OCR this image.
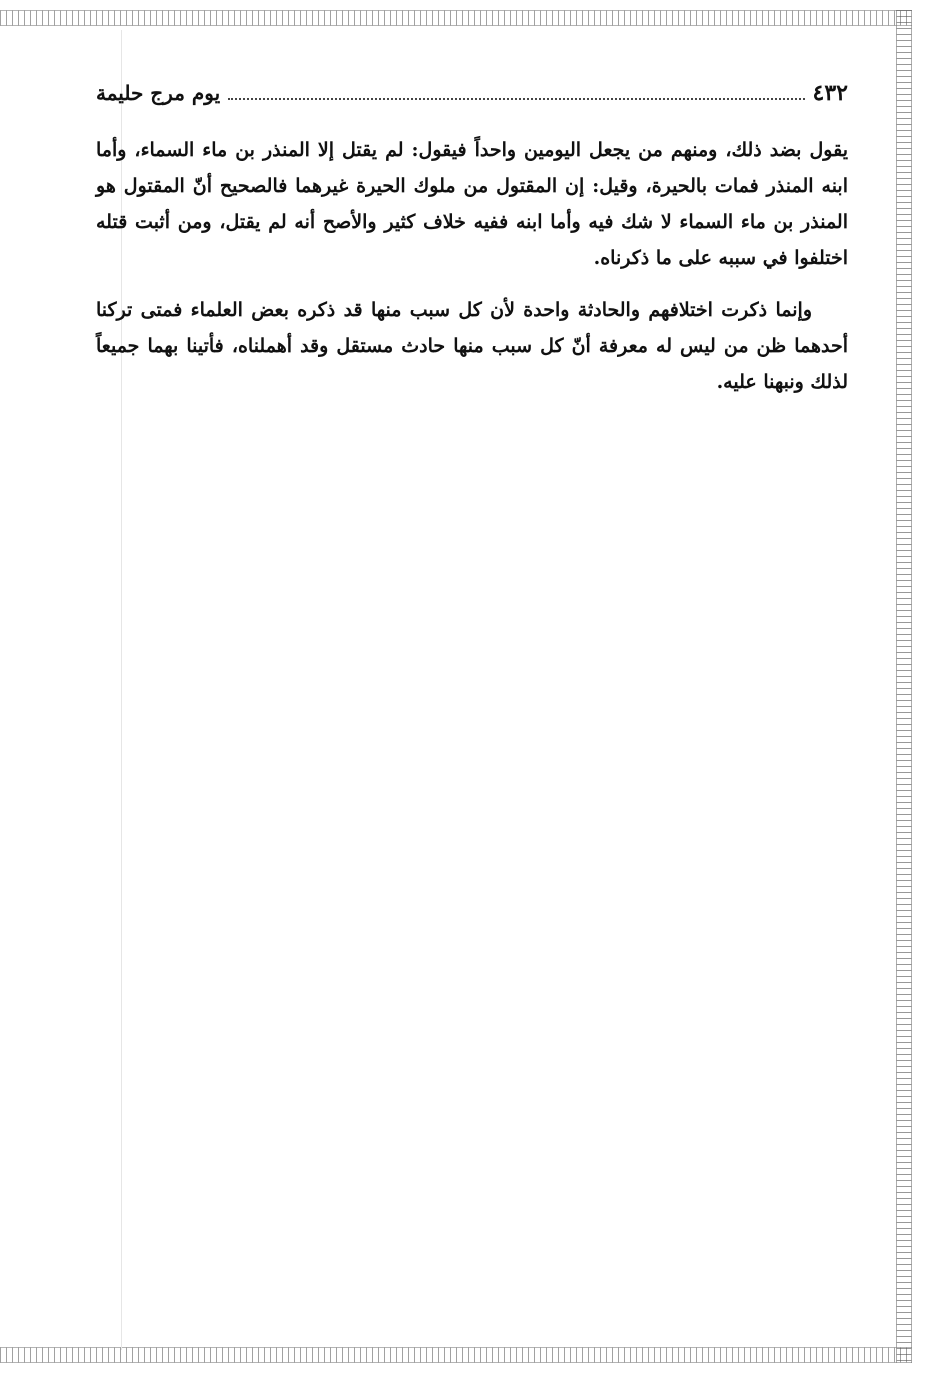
٤٣٢
يوم مرج حليمة

يقول بضد ذلك، ومنهم من يجعل اليومين واحداً فيقول: لم يقتل إلا المنذر بن ماء السماء، وأما ابنه المنذر فمات بالحيرة، وقيل: إن المقتول من ملوك الحيرة غيرهما فالصحيح أنّ المقتول هو المنذر بن ماء السماء لا شك فيه وأما ابنه ففيه خلاف كثير والأصح أنه لم يقتل، ومن أثبت قتله اختلفوا في سببه على ما ذكرناه.

وإنما ذكرت اختلافهم والحادثة واحدة لأن كل سبب منها قد ذكره بعض العلماء فمتى تركنا أحدهما ظن من ليس له معرفة أنّ كل سبب منها حادث مستقل وقد أهملناه، فأتينا بهما جميعاً لذلك ونبهنا عليه.
